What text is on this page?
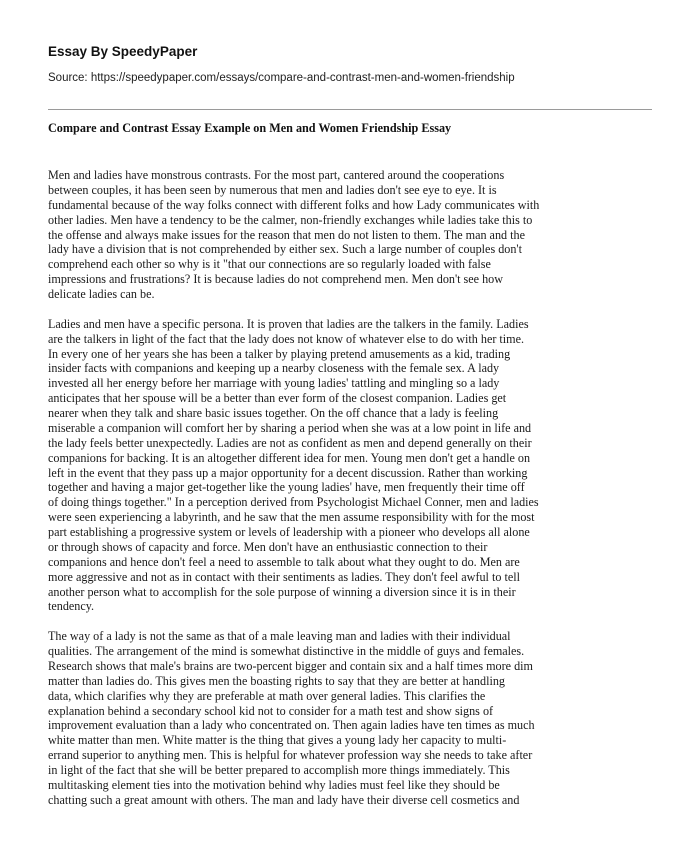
Essay By SpeedyPaper
Source: https://speedypaper.com/essays/compare-and-contrast-men-and-women-friendship
Compare and Contrast Essay Example on Men and Women Friendship Essay

Men and ladies have monstrous contrasts. For the most part, cantered around the cooperations
between couples, it has been seen by numerous that men and ladies don't see eye to eye. It is
fundamental because of the way folks connect with different folks and how Lady communicates with
other ladies. Men have a tendency to be the calmer, non-friendly exchanges while ladies take this to
the offense and always make issues for the reason that men do not listen to them. The man and the
lady have a division that is not comprehended by either sex. Such a large number of couples don't
comprehend each other so why is it "that our connections are so regularly loaded with false
impressions and frustrations? It is because ladies do not comprehend men. Men don't see how
delicate ladies can be.

Ladies and men have a specific persona. It is proven that ladies are the talkers in the family. Ladies
are the talkers in light of the fact that the lady does not know of whatever else to do with her time.
In every one of her years she has been a talker by playing pretend amusements as a kid, trading
insider facts with companions and keeping up a nearby closeness with the female sex. A lady
invested all her energy before her marriage with young ladies' tattling and mingling so a lady
anticipates that her spouse will be a better than ever form of the closest companion. Ladies get
nearer when they talk and share basic issues together. On the off chance that a lady is feeling
miserable a companion will comfort her by sharing a period when she was at a low point in life and
the lady feels better unexpectedly. Ladies are not as confident as men and depend generally on their
companions for backing. It is an altogether different idea for men. Young men don't get a handle on
left in the event that they pass up a major opportunity for a decent discussion. Rather than working
together and having a major get-together like the young ladies' have, men frequently their time off
of doing things together." In a perception derived from Psychologist Michael Conner, men and ladies
were seen experiencing a labyrinth, and he saw that the men assume responsibility with for the most
part establishing a progressive system or levels of leadership with a pioneer who develops all alone
or through shows of capacity and force. Men don't have an enthusiastic connection to their
companions and hence don't feel a need to assemble to talk about what they ought to do. Men are
more aggressive and not as in contact with their sentiments as ladies. They don't feel awful to tell
another person what to accomplish for the sole purpose of winning a diversion since it is in their
tendency.

The way of a lady is not the same as that of a male leaving man and ladies with their individual
qualities. The arrangement of the mind is somewhat distinctive in the middle of guys and females.
Research shows that male's brains are two-percent bigger and contain six and a half times more dim
matter than ladies do. This gives men the boasting rights to say that they are better at handling
data, which clarifies why they are preferable at math over general ladies. This clarifies the
explanation behind a secondary school kid not to consider for a math test and show signs of
improvement evaluation than a lady who concentrated on. Then again ladies have ten times as much
white matter than men. White matter is the thing that gives a young lady her capacity to multi-
errand superior to anything men. This is helpful for whatever profession way she needs to take after
in light of the fact that she will be better prepared to accomplish more things immediately. This
multitasking element ties into the motivation behind why ladies must feel like they should be
chatting such a great amount with others. The man and lady have their diverse cell cosmetics and
